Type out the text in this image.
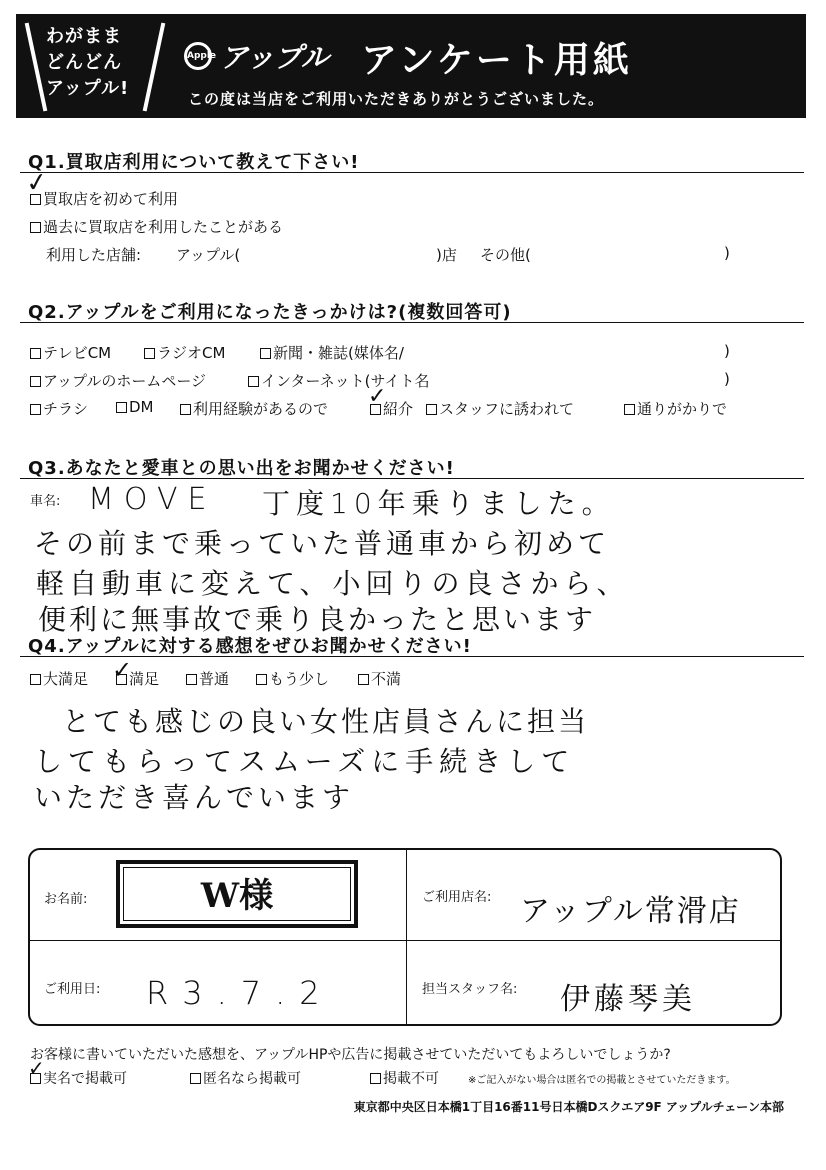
わがまま
どんどん
アップル!
Apple アップル アンケート用紙
この度は当店をご利用いただきありがとうございました。
Q1.買取店利用について教えて下さい!
買取店を初めて利用
✓
過去に買取店を利用したことがある
利用した店舗: アップル(	)店 その他(	)
Q2.アップルをご利用になったきっかけは?(複数回答可)
テレビCM	ラジオCM	新聞・雑誌(媒体名/	)
アップルのホームページ	インターネット(サイト名	)
チラシ	DM	利用経験があるので	紹介
✓	スタッフに誘われて	通りがかりで
Q3.あなたと愛車との思い出をお聞かせください!
車名: MOVE 丁度10年乗りました。
その前まで乗っていた普通車から初めて
軽自動車に変えて、小回りの良さから、
便利に無事故で乗り良かったと思います
Q4.アップルに対する感想をぜひお聞かせください!
大満足	満足
✓	普通	もう少し	不満
とても感じの良い女性店員さんに担当
してもらってスムーズに手続きして
いただき喜んでいます
お名前:	W様	ご利用店名: アップル常滑店
ご利用日: R3.7.2	担当スタッフ名: 伊藤琴美
お客様に書いていただいた感想を、アップルHPや広告に掲載させていただいてもよろしいでしょうか?
実名で掲載可
✓	匿名なら掲載可	掲載不可	※ご記入がない場合は匿名での掲載とさせていただきます。
東京都中央区日本橋1丁目16番11号日本橋Dスクエア9F アップルチェーン本部
